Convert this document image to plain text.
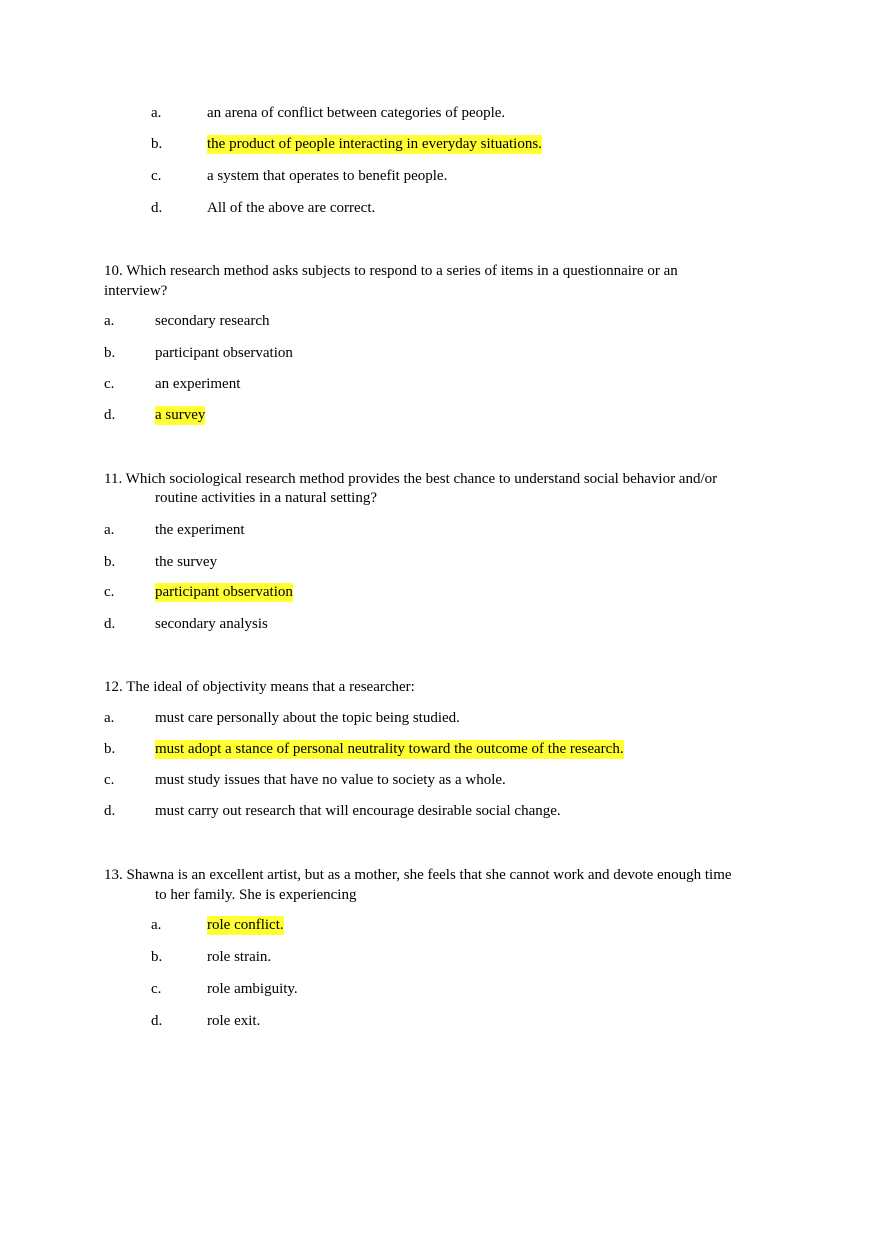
a.	an arena of conflict between categories of people.
b.	the product of people interacting in everyday situations.
c.	a system that operates to benefit people.
d.	All of the above are correct.
10. Which research method asks subjects to respond to a series of items in a questionnaire or an
interview?
a.	secondary research
b.	participant observation
c.	an experiment
d.	a survey
11. Which sociological research method provides the best chance to understand social behavior and/or
routine activities in a natural setting?
a.	the experiment
b.	the survey
c.	participant observation
d.	secondary analysis
12. The ideal of objectivity means that a researcher:
a.	must care personally about the topic being studied.
b.	must adopt a stance of personal neutrality toward the outcome of the research.
c.	must study issues that have no value to society as a whole.
d.	must carry out research that will encourage desirable social change.
13. Shawna is an excellent artist, but as a mother, she feels that she cannot work and devote enough time
to her family. She is experiencing
a.	role conflict.
b.	role strain.
c.	role ambiguity.
d.	role exit.
